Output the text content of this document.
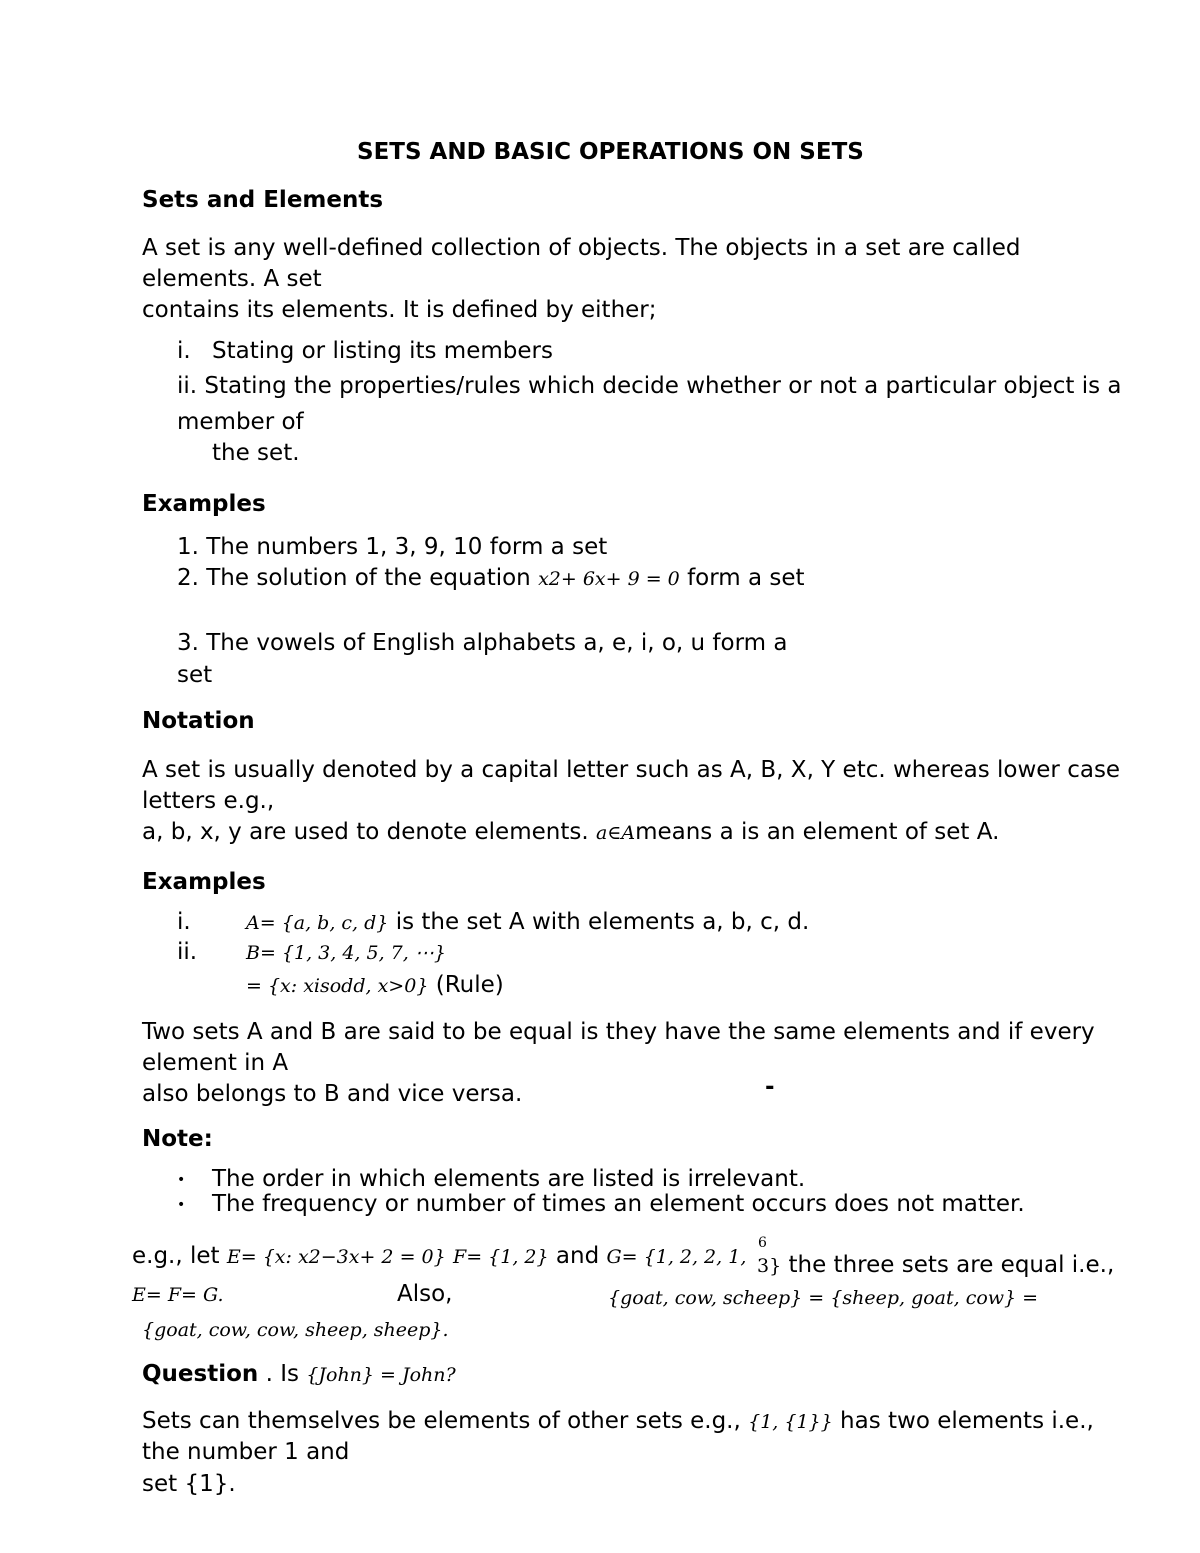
SETS AND BASIC OPERATIONS ON SETS
Sets and Elements
A set is any well-defined collection of objects. The objects in a set are called
elements. A set
contains its elements. It is defined by either;
i. Stating or listing its members
ii. Stating the properties/rules which decide whether or not a particular object is a
member of
the set.
Examples
1. The numbers 1, 3, 9, 10 form a set
2. The solution of the equation x2+ 6x+ 9 = 0 form a set
3. The vowels of English alphabets a, e, i, o, u form a
set
Notation
A set is usually denoted by a capital letter such as A, B, X, Y etc. whereas lower case
letters e.g.,
a, b, x, y are used to denote elements. a∈Ameans a is an element of set A.
Examples
i.	A= {a, b, c, d} is the set A with elements a, b, c, d.
ii.	B= {1, 3, 4, 5, 7, ⋯}
= {x: xisodd, x>0} (Rule)
Two sets A and B are said to be equal is they have the same elements and if every
element in A
also belongs to B and vice versa.	-
Note:
• The order in which elements are listed is irrelevant.
• The frequency or number of times an element occurs does not matter.
e.g., let E= {x: x2−3x+ 2 = 0} F= {1, 2} and G= {1, 2, 2, 1,
6
3} the three sets are equal i.e.,
E= F= G.	Also,	{goat, cow, scheep} = {sheep, goat, cow} =
{goat, cow, cow, sheep, sheep}.
Question . Is {John} = John?
Sets can themselves be elements of other sets e.g., {1, {1}} has two elements i.e.,
the number 1 and
set {1}.
